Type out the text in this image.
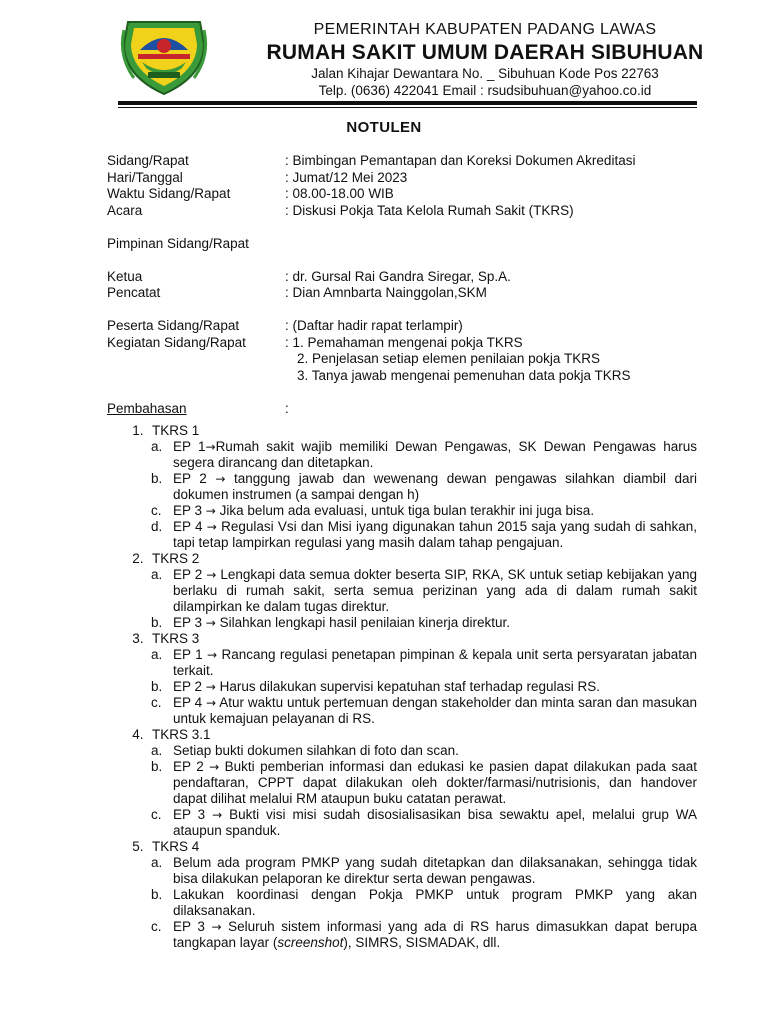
PEMERINTAH KABUPATEN PADANG LAWAS
RUMAH SAKIT UMUM DAERAH SIBUHUAN
Jalan Kihajar Dewantara No. _ Sibuhuan Kode Pos 22763
Telp. (0636) 422041 Email : rsudsibuhuan@yahoo.co.id
NOTULEN
Sidang/Rapat	: Bimbingan Pemantapan dan Koreksi Dokumen Akreditasi
Hari/Tanggal	: Jumat/12 Mei 2023
Waktu Sidang/Rapat	: 08.00-18.00 WIB
Acara	: Diskusi Pokja Tata Kelola Rumah Sakit (TKRS)
Pimpinan Sidang/Rapat
Ketua	: dr. Gursal Rai Gandra Siregar, Sp.A.
Pencatat	: Dian Amnbarta Nainggolan,SKM
Peserta Sidang/Rapat	: (Daftar hadir rapat terlampir)
Kegiatan Sidang/Rapat	: 1. Pemahaman mengenai pokja TKRS
2. Penjelasan setiap elemen penilaian pokja TKRS
3. Tanya jawab mengenai pemenuhan data pokja TKRS
Pembahasan	:
1. TKRS 1
a. EP 1→Rumah sakit wajib memiliki Dewan Pengawas, SK Dewan Pengawas harus segera dirancang dan ditetapkan.
b. EP 2 → tanggung jawab dan wewenang dewan pengawas silahkan diambil dari dokumen instrumen (a sampai dengan h)
c. EP 3 → Jika belum ada evaluasi, untuk tiga bulan terakhir ini juga bisa.
d. EP 4 → Regulasi Vsi dan Misi iyang digunakan tahun 2015 saja yang sudah di sahkan, tapi tetap lampirkan regulasi yang masih dalam tahap pengajuan.
2. TKRS 2
a. EP 2 → Lengkapi data semua dokter beserta SIP, RKA, SK untuk setiap kebijakan yang berlaku di rumah sakit, serta semua perizinan yang ada di dalam rumah sakit dilampirkan ke dalam tugas direktur.
b. EP 3 → Silahkan lengkapi hasil penilaian kinerja direktur.
3. TKRS 3
a. EP 1 → Rancang regulasi penetapan pimpinan & kepala unit serta persyaratan jabatan terkait.
b. EP 2 → Harus dilakukan supervisi kepatuhan staf terhadap regulasi RS.
c. EP 4 → Atur waktu untuk pertemuan dengan stakeholder dan minta saran dan masukan untuk kemajuan pelayanan di RS.
4. TKRS 3.1
a. Setiap bukti dokumen silahkan di foto dan scan.
b. EP 2 → Bukti pemberian informasi dan edukasi ke pasien dapat dilakukan pada saat pendaftaran, CPPT dapat dilakukan oleh dokter/farmasi/nutrisionis, dan handover dapat dilihat melalui RM ataupun buku catatan perawat.
c. EP 3 → Bukti visi misi sudah disosialisasikan bisa sewaktu apel, melalui grup WA ataupun spanduk.
5. TKRS 4
a. Belum ada program PMKP yang sudah ditetapkan dan dilaksanakan, sehingga tidak bisa dilakukan pelaporan ke direktur serta dewan pengawas.
b. Lakukan koordinasi dengan Pokja PMKP untuk program PMKP yang akan dilaksanakan.
c. EP 3 → Seluruh sistem informasi yang ada di RS harus dimasukkan dapat berupa tangkapan layar (screenshot), SIMRS, SISMADAK, dll.
